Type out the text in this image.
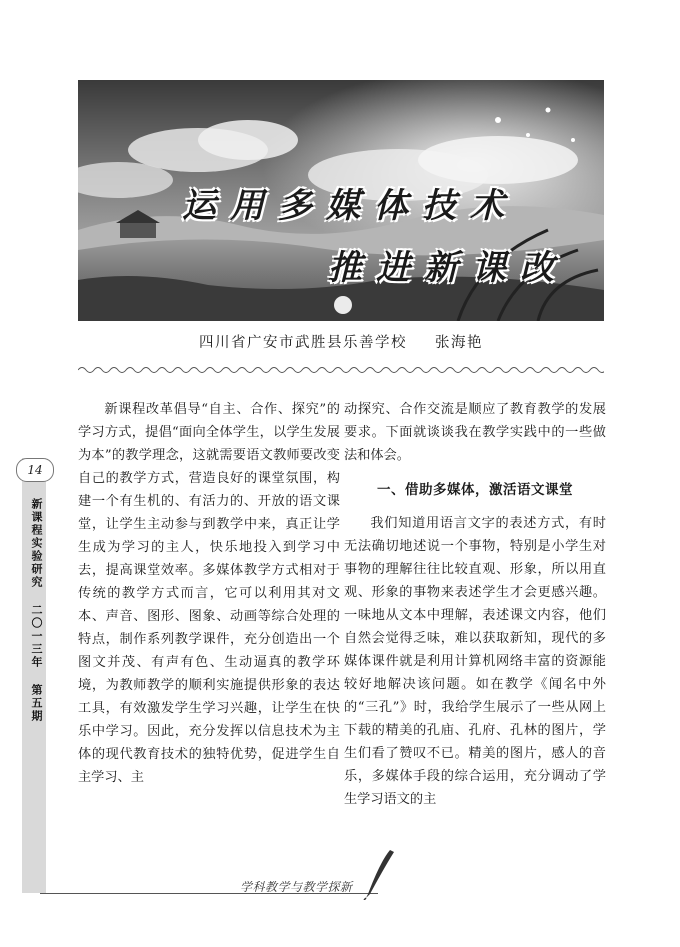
运用多媒体技术
推进新课改
四川省广安市武胜县乐善学校 张海艳
14
新课程实验研究 二〇一三年 第五期

新课程改革倡导“自主、合作、探究”的学习方式，提倡“面向全体学生，以学生发展为本”的教学理念，这就需要语文教师要改变自己的教学方式，营造良好的课堂氛围，构建一个有生机的、有活力的、开放的语文课堂，让学生主动参与到教学中来，真正让学生成为学习的主人，快乐地投入到学习中去，提高课堂效率。多媒体教学方式相对于传统的教学方式而言，它可以利用其对文本、声音、图形、图象、动画等综合处理的特点，制作系列教学课件，充分创造出一个图文并茂、有声有色、生动逼真的教学环境，为教师教学的顺利实施提供形象的表达工具，有效激发学生学习兴趣，让学生在快乐中学习。因此，充分发挥以信息技术为主体的现代教育技术的独特优势，促进学生自主学习、主

动探究、合作交流是顺应了教育教学的发展要求。下面就谈谈我在教学实践中的一些做法和体会。

一、借助多媒体，激活语文课堂

我们知道用语言文字的表述方式，有时无法确切地述说一个事物，特别是小学生对事物的理解往往比较直观、形象，所以用直观、形象的事物来表述学生才会更感兴趣。一味地从文本中理解，表述课文内容，他们自然会觉得乏味，难以获取新知，现代的多媒体课件就是利用计算机网络丰富的资源能较好地解决该问题。如在教学《闻名中外的“三孔”》时，我给学生展示了一些从网上下载的精美的孔庙、孔府、孔林的图片，学生们看了赞叹不已。精美的图片，感人的音乐，多媒体手段的综合运用，充分调动了学生学习语文的主

学科教学与教学探新
